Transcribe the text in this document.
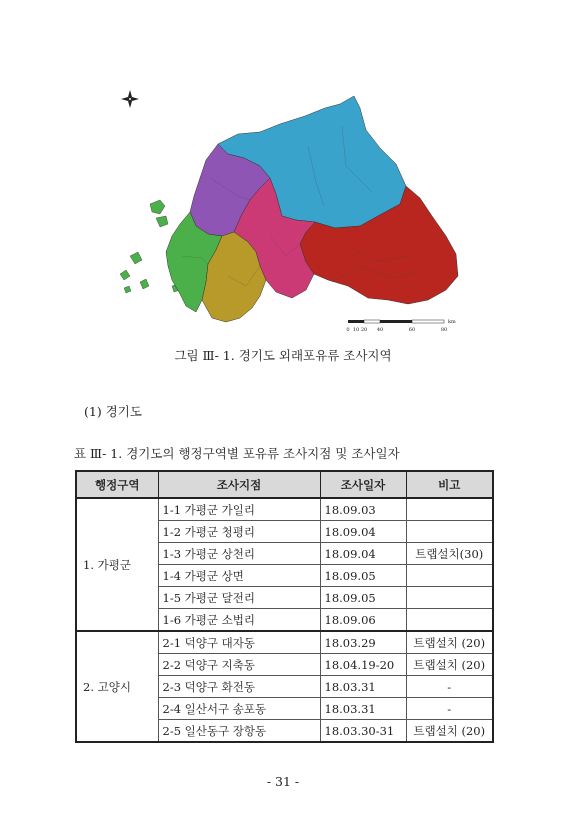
0 10 20 40	60	80
km
그림 Ⅲ- 1. 경기도 외래포유류 조사지역
(1) 경기도
표 Ⅲ- 1. 경기도의 행정구역별 포유류 조사지점 및 조사일자
행정구역	조사지점	조사일자	비고
1. 가평군	1-1 가평군 가일리	18.09.03	
	1-2 가평군 청평리	18.09.04	
	1-3 가평군 상천리	18.09.04	트랩설치(30)
	1-4 가평군 상면	18.09.05	
	1-5 가평군 달전리	18.09.05	
	1-6 가평군 소법리	18.09.06	
2. 고양시	2-1 덕양구 대자동	18.03.29	트랩설치 (20)
	2-2 덕양구 지축동	18.04.19-20	트랩설치 (20)
	2-3 덕양구 화전동	18.03.31	-
	2-4 일산서구 송포동	18.03.31	-
	2-5 일산동구 장항동	18.03.30-31	트랩설치 (20)
- 31 -
